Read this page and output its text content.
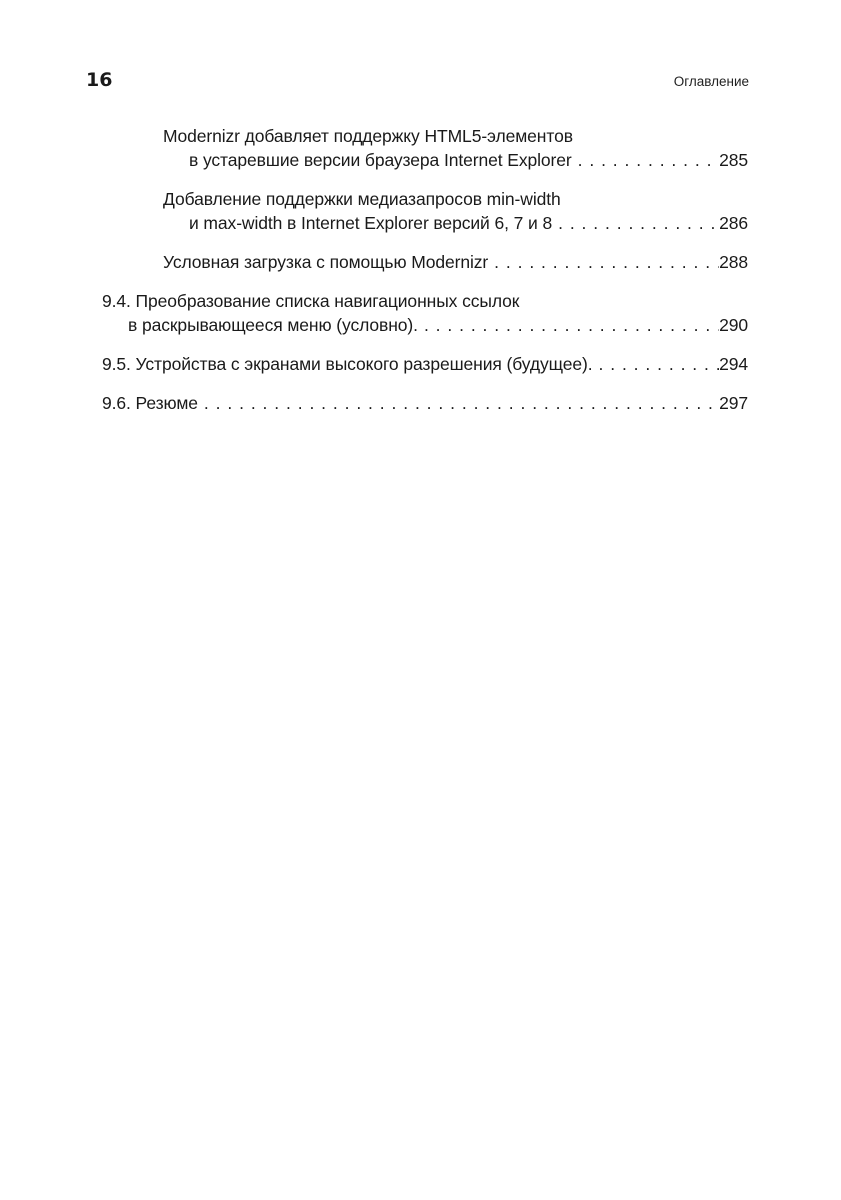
16	Оглавление
Modernizr добавляет поддержку HTML5-элементов
в устаревшие версии браузера Internet Explorer . . .	285
Добавление поддержки медиазапросов min-width
и max-width в Internet Explorer версий 6, 7 и 8 . . .	286
Условная загрузка с помощью Modernizr . . .	288
9.4. Преобразование списка навигационных ссылок
в раскрывающееся меню (условно). . . .	290
9.5. Устройства с экранами высокого разрешения (будущее). . . .	294
9.6. Резюме . . .	297
